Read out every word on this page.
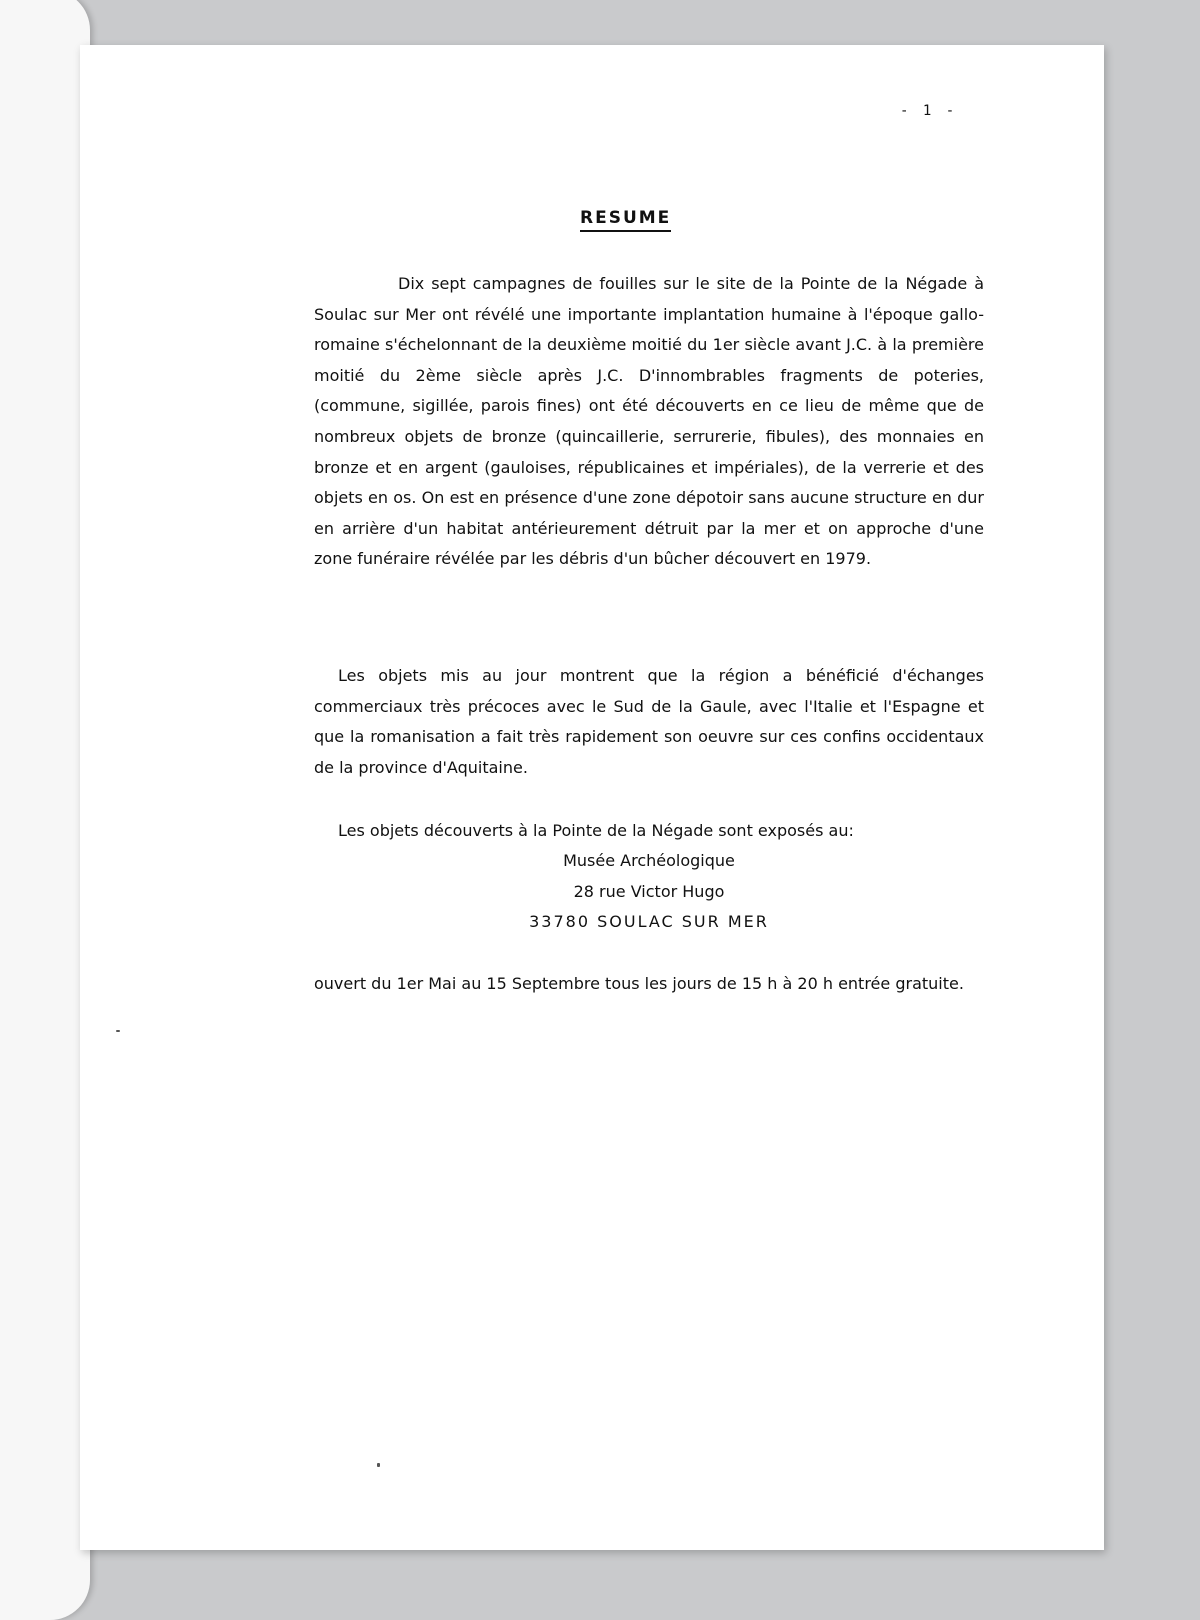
- 1 -
RESUME

Dix sept campagnes de fouilles sur le site de la Pointe de la Négade à Soulac sur Mer ont révélé une importante implantation humaine à l'époque gallo-romaine s'échelonnant de la deuxième moitié du 1er siècle avant J.C. à la première moitié du 2ème siècle après J.C. D'innombrables fragments de poteries, (commune, sigillée, parois fines) ont été découverts en ce lieu de même que de nombreux objets de bronze (quincaillerie, serrurerie, fibules), des monnaies en bronze et en argent (gauloises, républicaines et impériales), de la verrerie et des objets en os. On est en présence d'une zone dépotoir sans aucune structure en dur en arrière d'un habitat antérieurement détruit par la mer et on approche d'une zone funéraire révélée par les débris d'un bûcher découvert en 1979.

Les objets mis au jour montrent que la région a bénéficié d'échanges commerciaux très précoces avec le Sud de la Gaule, avec l'Italie et l'Espagne et que la romanisation a fait très rapidement son oeuvre sur ces confins occidentaux de la province d'Aquitaine.

Les objets découverts à la Pointe de la Négade sont exposés au:

Musée Archéologique
28 rue Victor Hugo
33780 SOULAC SUR MER

ouvert du 1er Mai au 15 Septembre tous les jours de 15 h à 20 h entrée gratuite.
